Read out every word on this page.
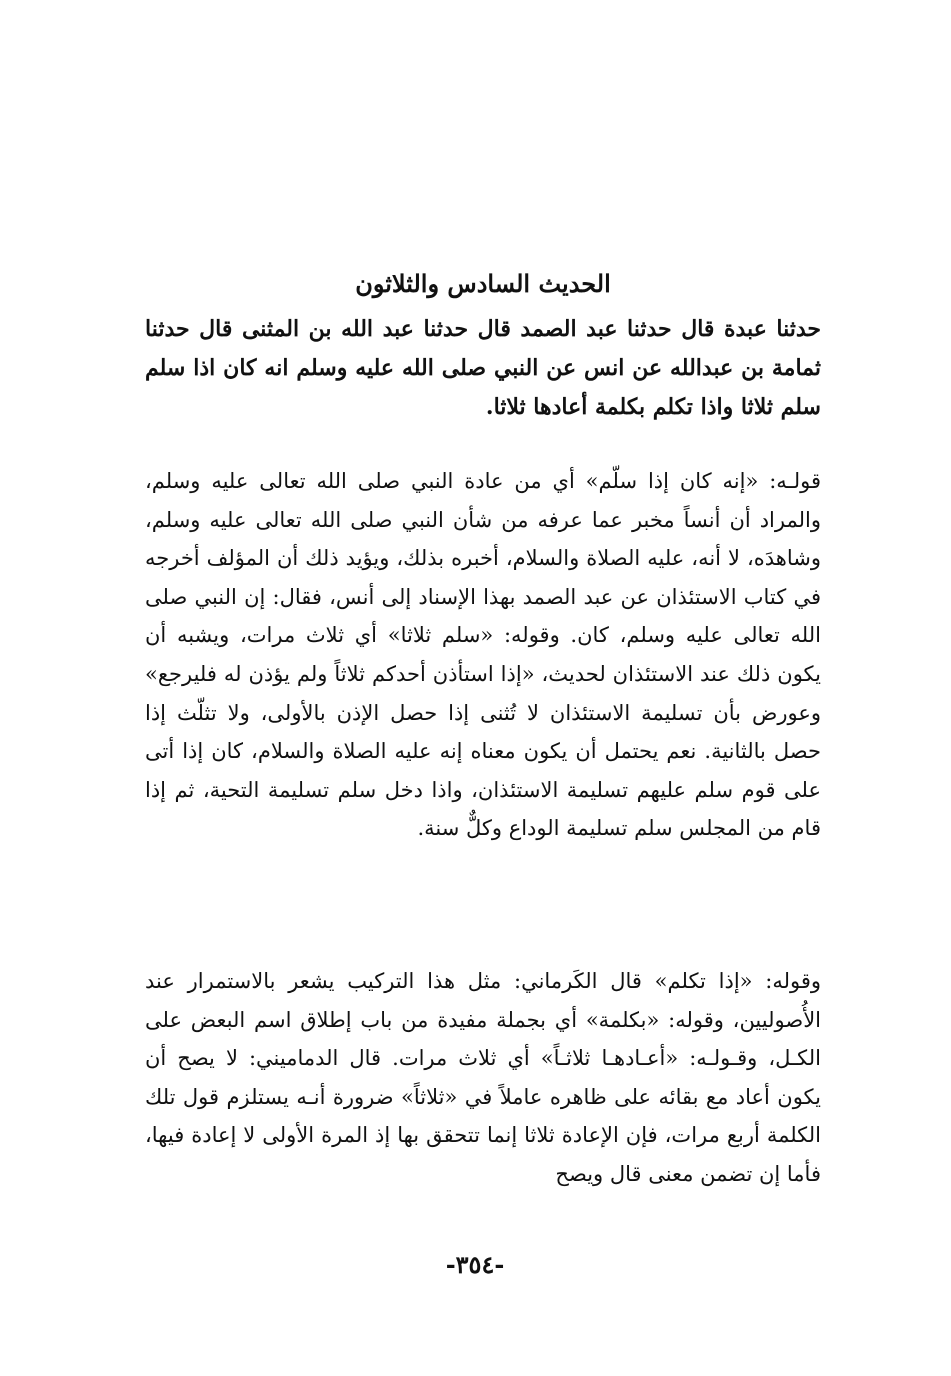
الحديث السادس والثلاثون
حدثنا عبدة قال حدثنا عبد الصمد قال حدثنا عبد الله بن المثنى قال حدثنا ثمامة بن عبدالله عن انس عن النبي صلى الله عليه وسلم انه كان اذا سلم سلم ثلاثا واذا تكلم بكلمة أعادها ثلاثا.
قولـه: «إنه كان إذا سلّم» أي من عادة النبي صلى الله تعالى عليه وسلم، والمراد أن أنساً مخبر عما عرفه من شأن النبي صلى الله تعالى عليه وسلم، وشاهدَه، لا أنه، عليه الصلاة والسلام، أخبره بذلك، ويؤيد ذلك أن المؤلف أخرجه في كتاب الاستئذان عن عبد الصمد بهذا الإسناد إلى أنس، فقال: إن النبي صلى الله تعالى عليه وسلم، كان. وقوله: «سلم ثلاثا» أي ثلاث مرات، ويشبه أن يكون ذلك عند الاستئذان لحديث، «إذا استأذن أحدكم ثلاثاً ولم يؤذن له فليرجع» وعورض بأن تسليمة الاستئذان لا تُثنى إذا حصل الإذن بالأولى، ولا تثلّث إذا حصل بالثانية. نعم يحتمل أن يكون معناه إنه عليه الصلاة والسلام، كان إذا أتى على قوم سلم عليهم تسليمة الاستئذان، واذا دخل سلم تسليمة التحية، ثم إذا قام من المجلس سلم تسليمة الوداع وكلٌّ سنة.
وقوله: «إذا تكلم» قال الكَرماني: مثل هذا التركيب يشعر بالاستمرار عند الأُصوليين، وقوله: «بكلمة» أي بجملة مفيدة من باب إطلاق اسم البعض على الكـل، وقـولـه: «أعـادهـا ثلاثـاً» أي ثلاث مرات. قال الدماميني: لا يصح أن يكون أعاد مع بقائه على ظاهره عاملاً في «ثلاثاً» ضرورة أنـه يستلزم قول تلك الكلمة أربع مرات، فإن الإعادة ثلاثا إنما تتحقق بها إذ المرة الأولى لا إعادة فيها، فأما إن تضمن معنى قال ويصح
-٣٥٤-
